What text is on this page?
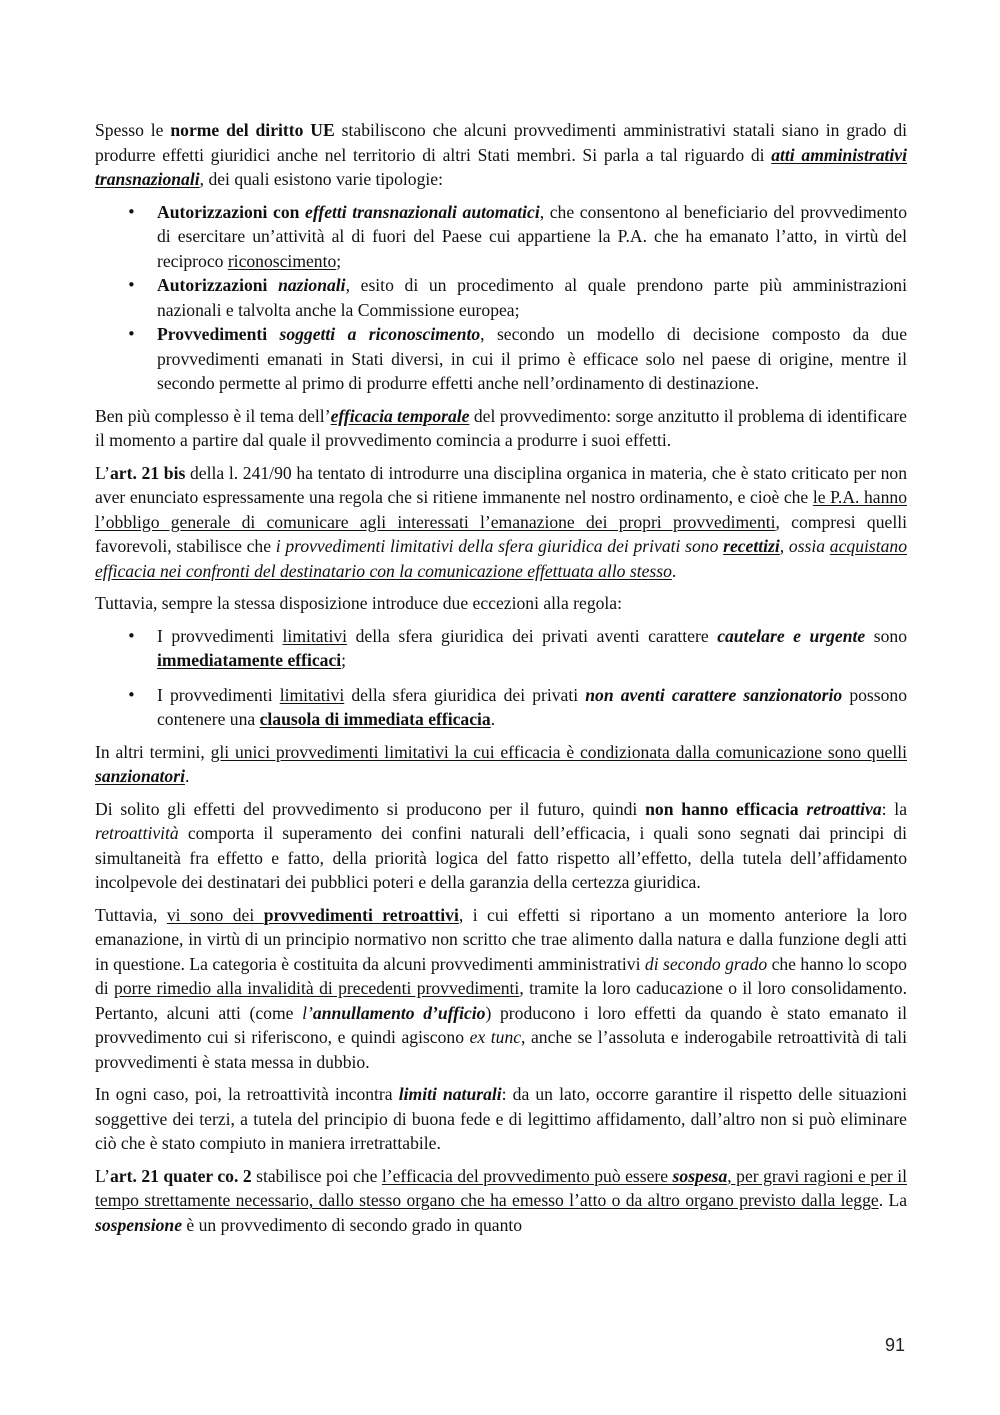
Spesso le norme del diritto UE stabiliscono che alcuni provvedimenti amministrativi statali siano in grado di produrre effetti giuridici anche nel territorio di altri Stati membri. Si parla a tal riguardo di atti amministrativi transnazionali, dei quali esistono varie tipologie:

• Autorizzazioni con effetti transnazionali automatici, che consentono al beneficiario del provvedimento di esercitare un’attività al di fuori del Paese cui appartiene la P.A. che ha emanato l’atto, in virtù del reciproco riconoscimento;
• Autorizzazioni nazionali, esito di un procedimento al quale prendono parte più amministrazioni nazionali e talvolta anche la Commissione europea;
• Provvedimenti soggetti a riconoscimento, secondo un modello di decisione composto da due provvedimenti emanati in Stati diversi, in cui il primo è efficace solo nel paese di origine, mentre il secondo permette al primo di produrre effetti anche nell’ordinamento di destinazione.

Ben più complesso è il tema dell’efficacia temporale del provvedimento: sorge anzitutto il problema di identificare il momento a partire dal quale il provvedimento comincia a produrre i suoi effetti.

L’art. 21 bis della l. 241/90 ha tentato di introdurre una disciplina organica in materia, che è stato criticato per non aver enunciato espressamente una regola che si ritiene immanente nel nostro ordinamento, e cioè che le P.A. hanno l’obbligo generale di comunicare agli interessati l’emanazione dei propri provvedimenti, compresi quelli favorevoli, stabilisce che i provvedimenti limitativi della sfera giuridica dei privati sono recettizi, ossia acquistano efficacia nei confronti del destinatario con la comunicazione effettuata allo stesso.

Tuttavia, sempre la stessa disposizione introduce due eccezioni alla regola:

• I provvedimenti limitativi della sfera giuridica dei privati aventi carattere cautelare e urgente sono immediatamente efficaci;
• I provvedimenti limitativi della sfera giuridica dei privati non aventi carattere sanzionatorio possono contenere una clausola di immediata efficacia.

In altri termini, gli unici provvedimenti limitativi la cui efficacia è condizionata dalla comunicazione sono quelli sanzionatori.

Di solito gli effetti del provvedimento si producono per il futuro, quindi non hanno efficacia retroattiva: la retroattività comporta il superamento dei confini naturali dell’efficacia, i quali sono segnati dai principi di simultaneità fra effetto e fatto, della priorità logica del fatto rispetto all’effetto, della tutela dell’affidamento incolpevole dei destinatari dei pubblici poteri e della garanzia della certezza giuridica.

Tuttavia, vi sono dei provvedimenti retroattivi, i cui effetti si riportano a un momento anteriore la loro emanazione, in virtù di un principio normativo non scritto che trae alimento dalla natura e dalla funzione degli atti in questione. La categoria è costituita da alcuni provvedimenti amministrativi di secondo grado che hanno lo scopo di porre rimedio alla invalidità di precedenti provvedimenti, tramite la loro caducazione o il loro consolidamento. Pertanto, alcuni atti (come l’annullamento d’ufficio) producono i loro effetti da quando è stato emanato il provvedimento cui si riferiscono, e quindi agiscono ex tunc, anche se l’assoluta e inderogabile retroattività di tali provvedimenti è stata messa in dubbio.

In ogni caso, poi, la retroattività incontra limiti naturali: da un lato, occorre garantire il rispetto delle situazioni soggettive dei terzi, a tutela del principio di buona fede e di legittimo affidamento, dall’altro non si può eliminare ciò che è stato compiuto in maniera irretrattabile.

L’art. 21 quater co. 2 stabilisce poi che l’efficacia del provvedimento può essere sospesa, per gravi ragioni e per il tempo strettamente necessario, dallo stesso organo che ha emesso l’atto o da altro organo previsto dalla legge. La sospensione è un provvedimento di secondo grado in quanto

91
